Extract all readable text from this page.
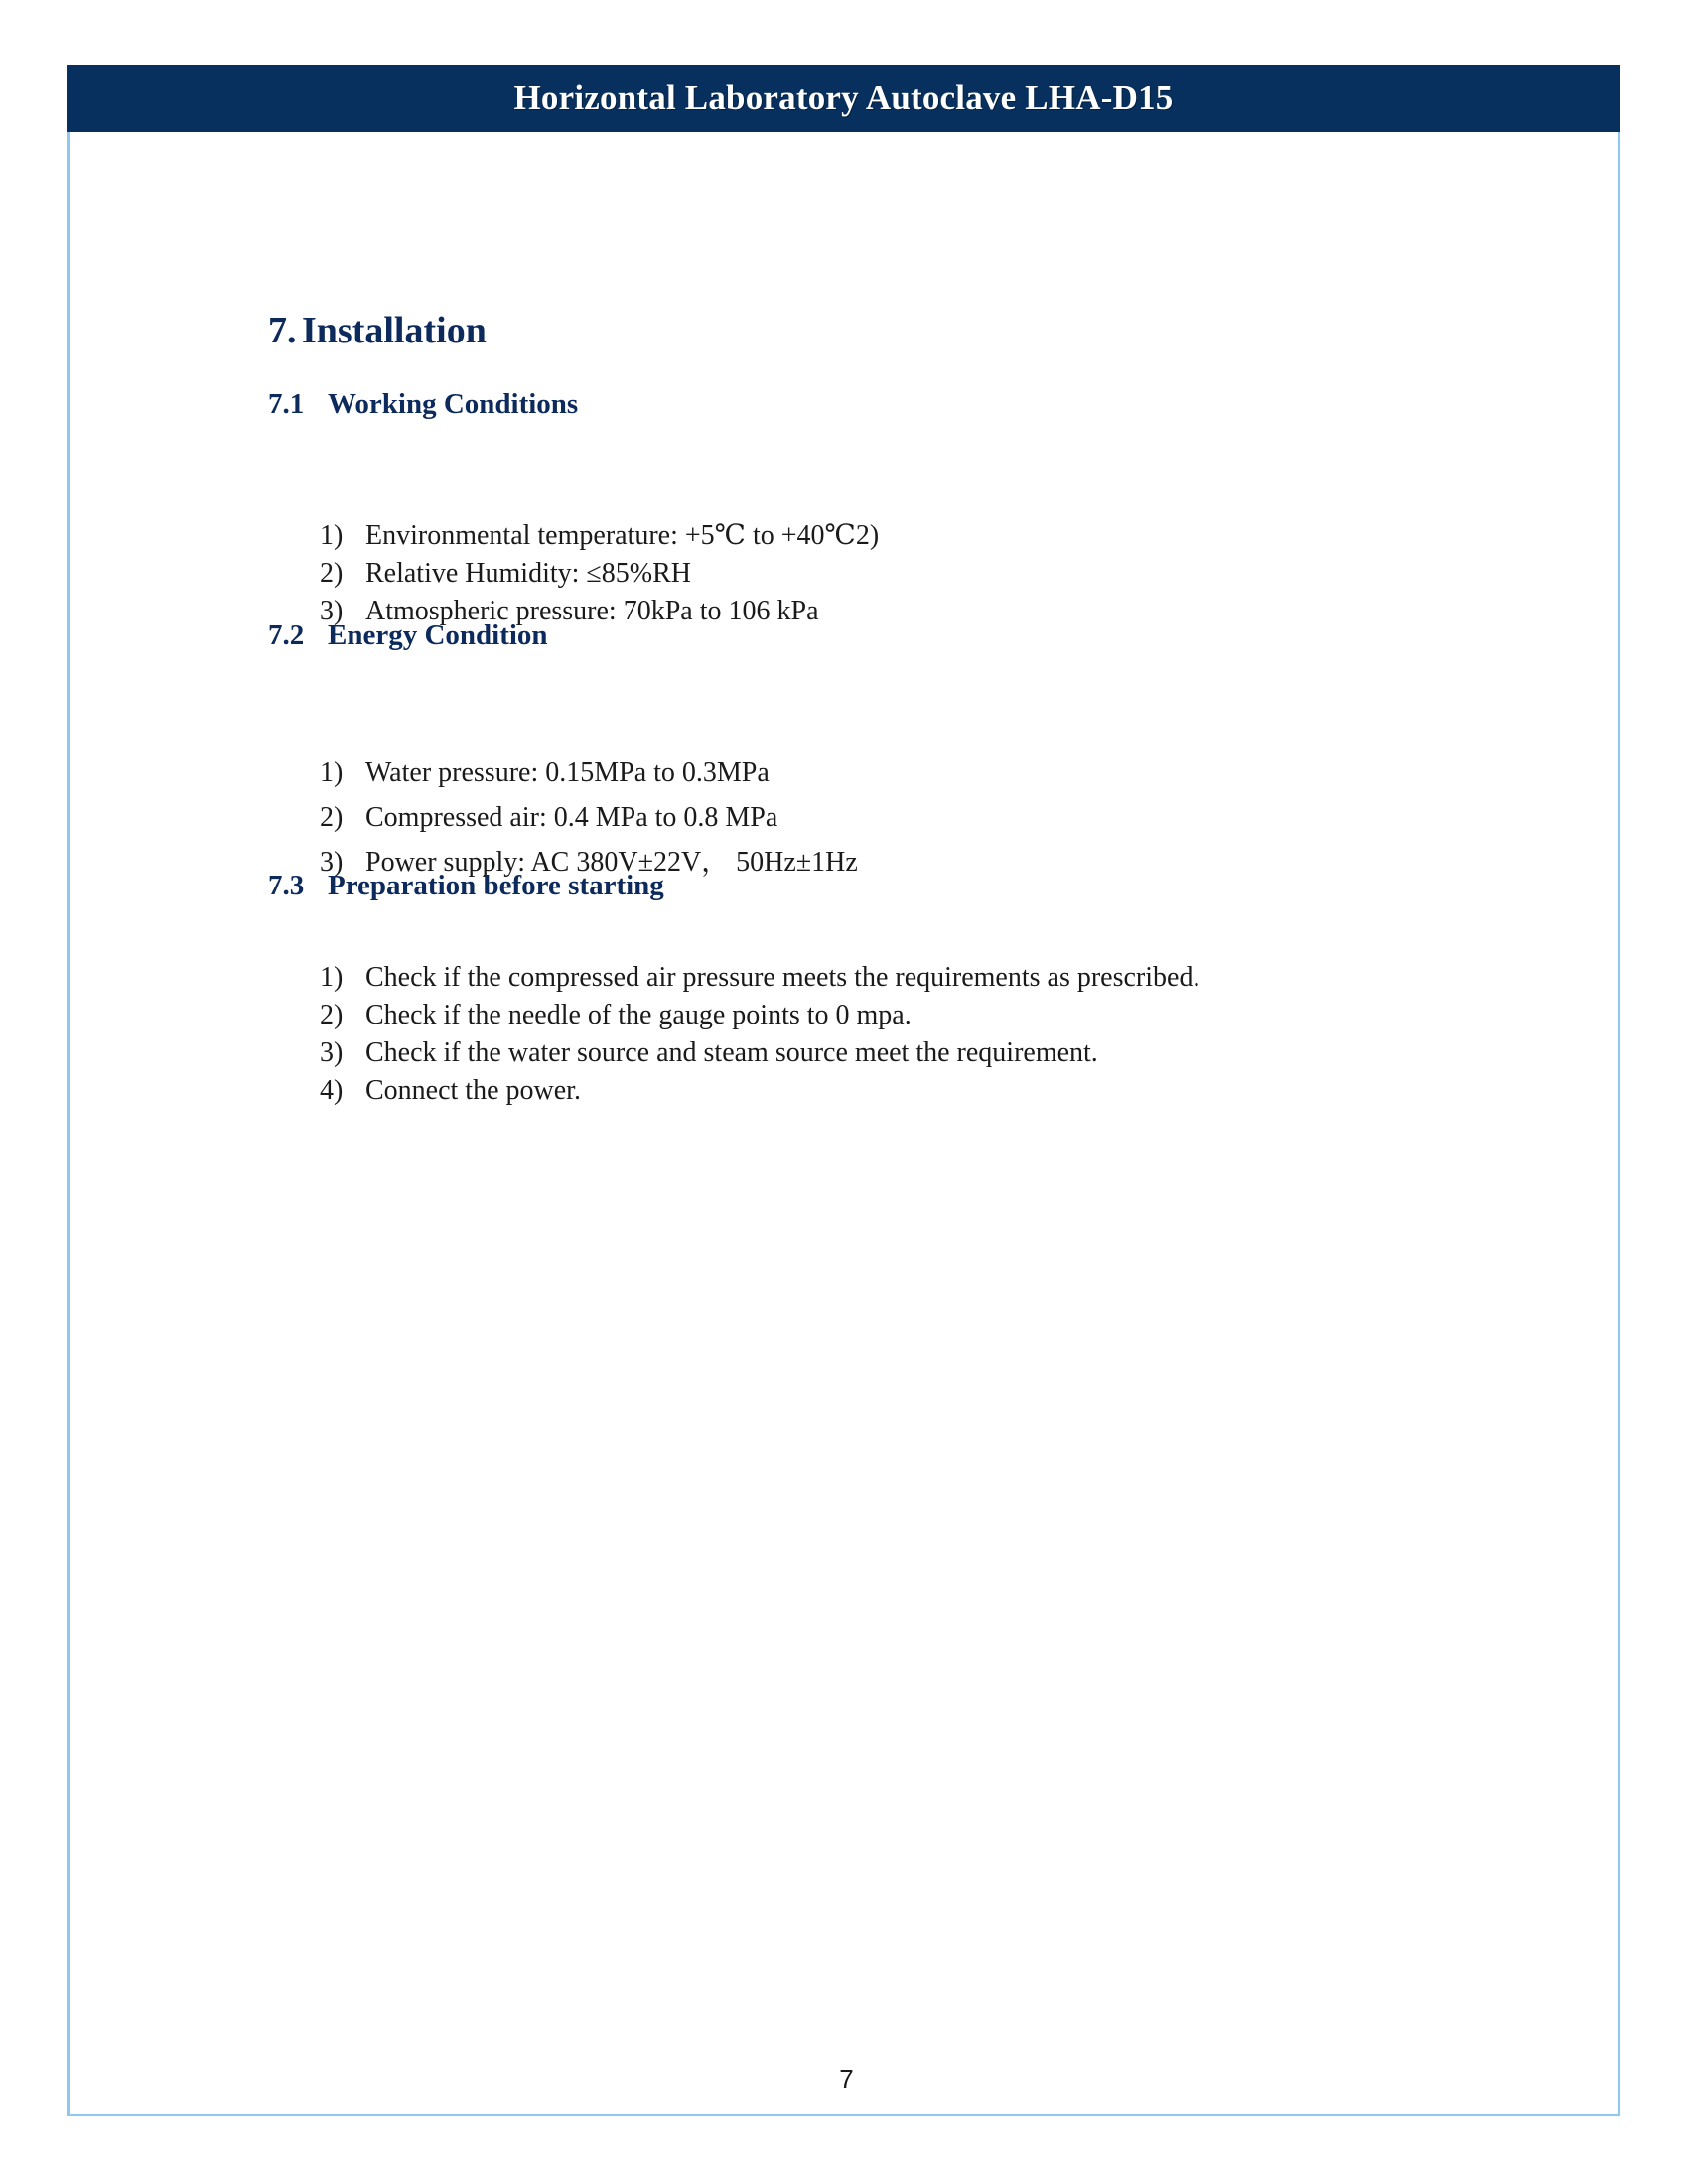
Horizontal Laboratory Autoclave LHA-D15
7. Installation
7.1 Working Conditions
1) Environmental temperature: +5℃ to +40℃2)
2) Relative Humidity: ≤85%RH
3) Atmospheric pressure: 70kPa to 106 kPa
7.2 Energy Condition
1) Water pressure: 0.15MPa to 0.3MPa
2) Compressed air: 0.4 MPa to 0.8 MPa
3) Power supply: AC 380V±22V， 50Hz±1Hz
7.3 Preparation before starting
1) Check if the compressed air pressure meets the requirements as prescribed.
2) Check if the needle of the gauge points to 0 mpa.
3) Check if the water source and steam source meet the requirement.
4) Connect the power.
7
